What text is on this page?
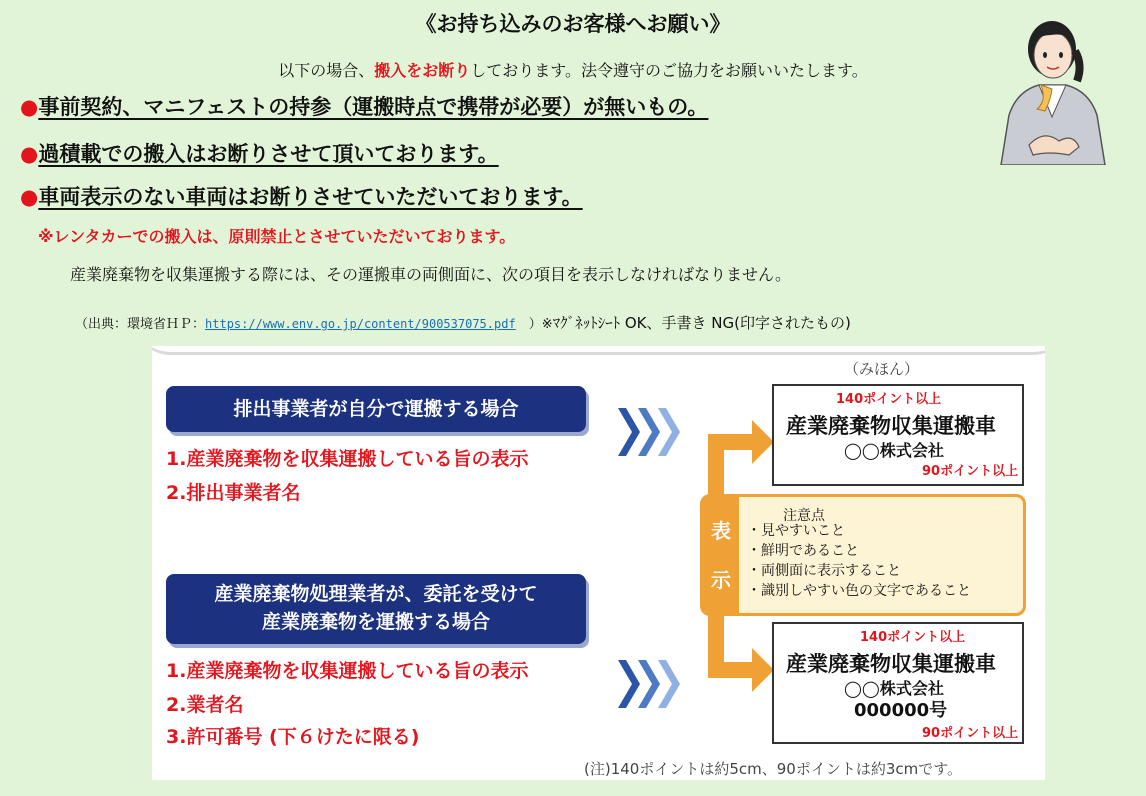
《お持ち込みのお客様へお願い》
以下の場合、搬入をお断りしております。法令遵守のご協力をお願いいたします。
●事前契約、マニフェストの持参（運搬時点で携帯が必要）が無いもの。
●過積載での搬入はお断りさせて頂いております。
●車両表示のない車両はお断りさせていただいております。
※レンタカーでの搬入は、原則禁止とさせていただいております。
産業廃棄物を収集運搬する際には、その運搬車の両側面に、次の項目を表示しなければなりません。
（出典：環境省ＨＰ：https://www.env.go.jp/content/900537075.pdf　）※ﾏｸﾞﾈｯﾄｼｰﾄ OK、手書き NG(印字されたもの)
（みほん）
排出事業者が自分で運搬する場合
1.産業廃棄物を収集運搬している旨の表示
2.排出事業者名
産業廃棄物処理業者が、委託を受けて
産業廃棄物を運搬する場合
1.産業廃棄物を収集運搬している旨の表示
2.業者名
3.許可番号 (下６けたに限る)
140ポイント以上
産業廃棄物収集運搬車
◯◯株式会社
90ポイント以上
表
示
注意点
・見やすいこと
・鮮明であること
・両側面に表示すること
・識別しやすい色の文字であること
140ポイント以上
産業廃棄物収集運搬車
◯◯株式会社
000000号
90ポイント以上
(注)140ポイントは約5cm、90ポイントは約3cmです。
